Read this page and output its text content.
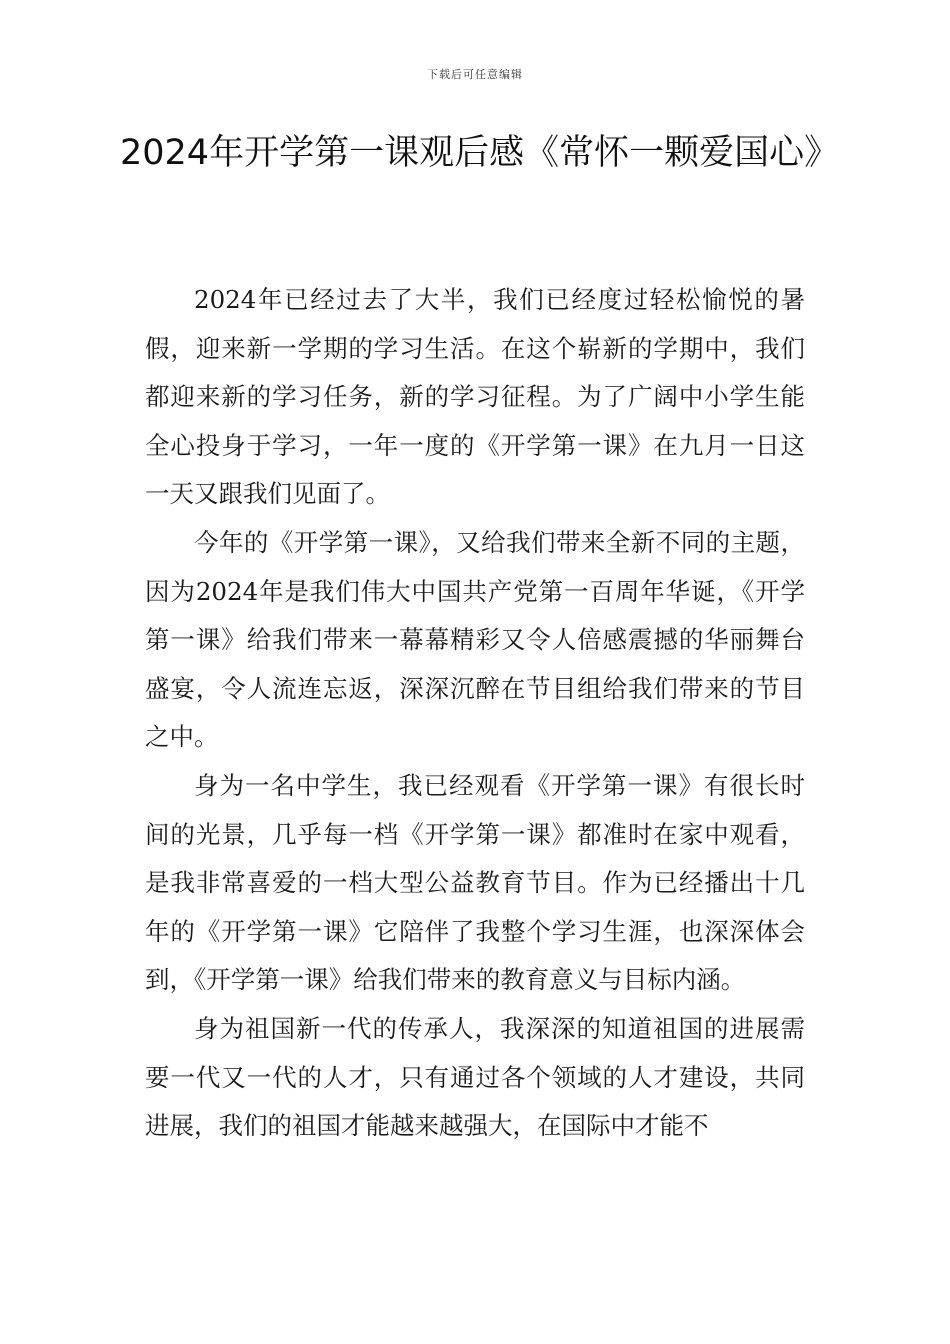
下载后可任意编辑
2024年开学第一课观后感《常怀一颗爱国心》

2024年已经过去了大半，我们已经度过轻松愉悦的暑假，迎来新一学期的学习生活。在这个崭新的学期中，我们都迎来新的学习任务，新的学习征程。为了广阔中小学生能全心投身于学习，一年一度的《开学第一课》在九月一日这一天又跟我们见面了。

今年的《开学第一课》，又给我们带来全新不同的主题，因为2024年是我们伟大中国共产党第一百周年华诞，《开学第一课》给我们带来一幕幕精彩又令人倍感震撼的华丽舞台盛宴，令人流连忘返，深深沉醉在节目组给我们带来的节目之中。

身为一名中学生，我已经观看《开学第一课》有很长时间的光景，几乎每一档《开学第一课》都准时在家中观看，是我非常喜爱的一档大型公益教育节目。作为已经播出十几年的《开学第一课》它陪伴了我整个学习生涯，也深深体会到，《开学第一课》给我们带来的教育意义与目标内涵。

身为祖国新一代的传承人，我深深的知道祖国的进展需要一代又一代的人才，只有通过各个领域的人才建设，共同进展，我们的祖国才能越来越强大，在国际中才能不
